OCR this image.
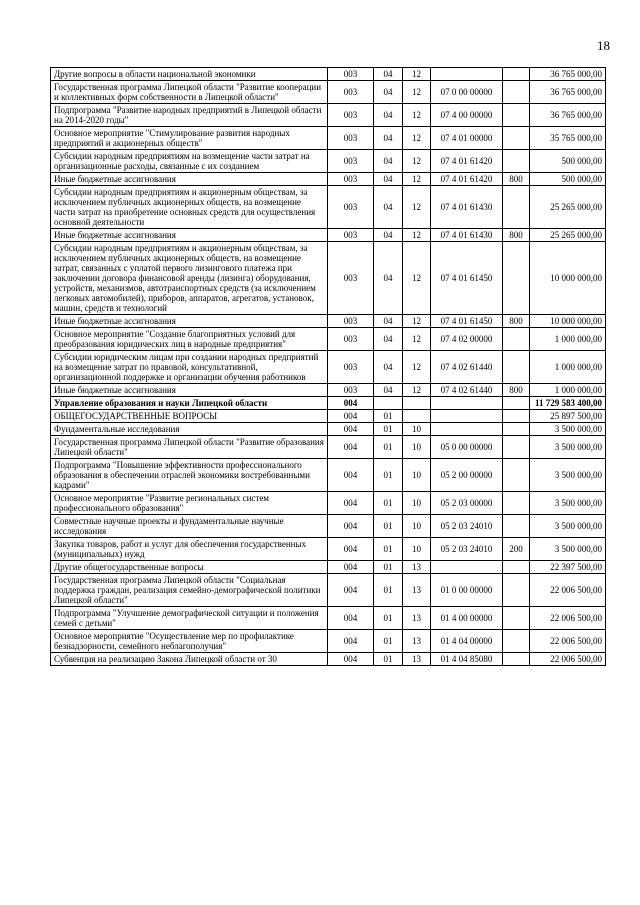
18
Другие вопросы в области национальной экономики	003	04	12			36 765 000,00
Государственная программа Липецкой области "Развитие кооперации и коллективных форм собственности в Липецкой области"	003	04	12	07 0 00 00000		36 765 000,00
Подпрограмма "Развитие народных предприятий в Липецкой области на 2014-2020 годы"	003	04	12	07 4 00 00000		36 765 000,00
Основное мероприятие "Стимулирование развития народных предприятий и акционерных обществ"	003	04	12	07 4 01 00000		35 765 000,00
Субсидии народным предприятиям на возмещение части затрат на организационные расходы, связанные с их созданием	003	04	12	07 4 01 61420		500 000,00
Иные бюджетные ассигнования	003	04	12	07 4 01 61420	800	500 000,00
Субсидии народным предприятиям и акционерным обществам, за исключением публичных акционерных обществ, на возмещение части затрат на приобретение основных средств для осуществления основной деятельности	003	04	12	07 4 01 61430		25 265 000,00
Иные бюджетные ассигнования	003	04	12	07 4 01 61430	800	25 265 000,00
Субсидии народным предприятиям и акционерным обществам, за исключением публичных акционерных обществ, на возмещение затрат, связанных с уплатой первого лизингового платежа при заключении договора финансовой аренды (лизинга) оборудования, устройств, механизмов, автотранспортных средств (за исключением легковых автомобилей), приборов, аппаратов, агрегатов, установок, машин, средств и технологий	003	04	12	07 4 01 61450		10 000 000,00
Иные бюджетные ассигнования	003	04	12	07 4 01 61450	800	10 000 000,00
Основное мероприятие "Создание благоприятных условий для преобразования юридических лиц в народные предприятия"	003	04	12	07 4 02 00000		1 000 000,00
Субсидии юридическим лицам при создании народных предприятий на возмещение затрат по правовой, консультативной, организационной поддержке и организации обучения работников	003	04	12	07 4 02 61440		1 000 000,00
Иные бюджетные ассигнования	003	04	12	07 4 02 61440	800	1 000 000,00
Управление образования и науки Липецкой области	004					11 729 583 400,00
ОБЩЕГОСУДАРСТВЕННЫЕ ВОПРОСЫ	004	01				25 897 500,00
Фундаментальные исследования	004	01	10			3 500 000,00
Государственная программа Липецкой области "Развитие образования Липецкой области"	004	01	10	05 0 00 00000		3 500 000,00
Подпрограмма "Повышение эффективности профессионального образования в обеспечении отраслей экономики востребованными кадрами"	004	01	10	05 2 00 00000		3 500 000,00
Основное мероприятие "Развитие региональных систем профессионального образования"	004	01	10	05 2 03 00000		3 500 000,00
Совместные научные проекты и фундаментальные научные исследования	004	01	10	05 2 03 24010		3 500 000,00
Закупка товаров, работ и услуг для обеспечения государственных (муниципальных) нужд	004	01	10	05 2 03 24010	200	3 500 000,00
Другие общегосударственные вопросы	004	01	13			22 397 500,00
Государственная программа Липецкой области "Социальная поддержка граждан, реализация семейно-демографической политики Липецкой области"	004	01	13	01 0 00 00000		22 006 500,00
Подпрограмма "Улучшение демографической ситуации и положения семей с детьми"	004	01	13	01 4 00 00000		22 006 500,00
Основное мероприятие "Осуществление мер по профилактике безнадзорности, семейного неблагополучия"	004	01	13	01 4 04 00000		22 006 500,00
Субвенция на реализацию Закона Липецкой области от 30	004	01	13	01 4 04 85080		22 006 500,00
